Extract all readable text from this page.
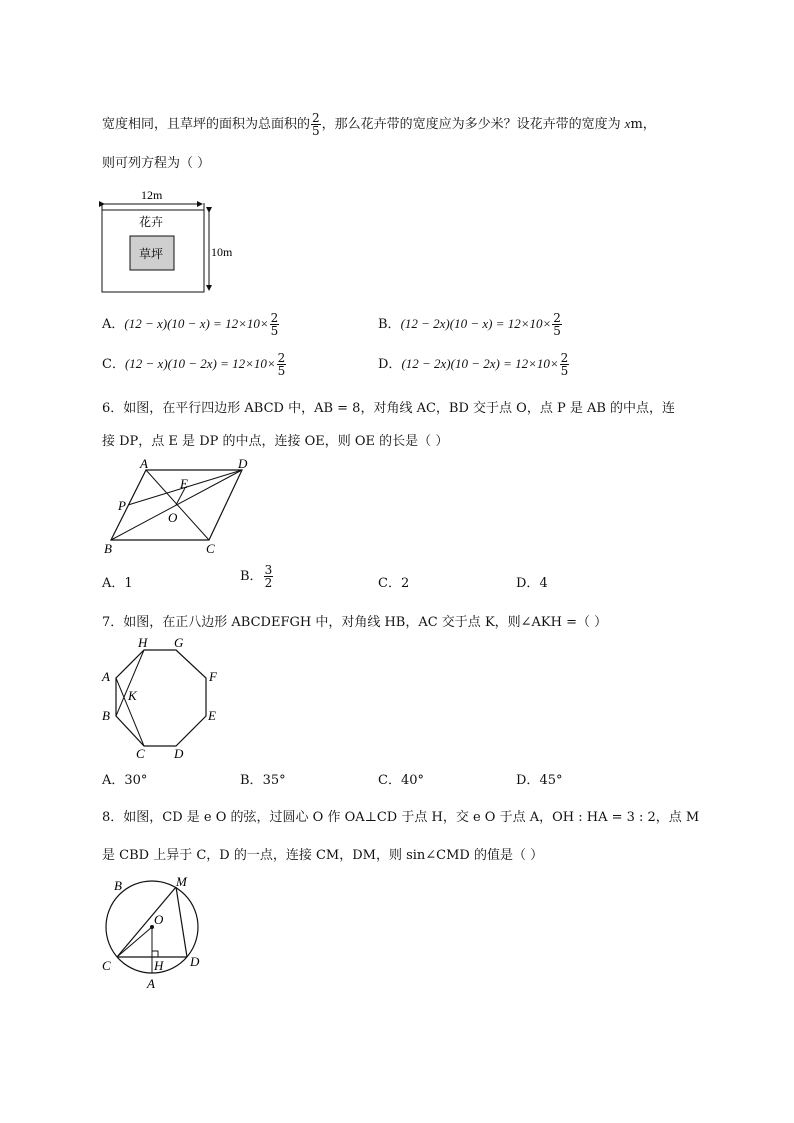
宽度相同，且草坪的面积为总面积的 $\frac{2}{5}$ ，那么花卉带的宽度应为多少米？设花卉带的宽度为 xm，
则可列方程为（ ）
12m
10m
花卉
草坪
A．$(12 - x)(10 - x) = 12\times 10\times \frac{2}{5}$	B．$(12 - 2x)(10 - x) = 12\times 10\times \frac{2}{5}$
C．$(12 - x)(10 - 2x) = 12\times 10\times \frac{2}{5}$	D．$(12 - 2x)(10 - 2x) = 12\times 10\times \frac{2}{5}$
6．如图，在平行四边形 ABCD 中，AB = 8，对角线 AC，BD 交于点 O，点 P 是 AB 的中点，连
接 DP，点 E 是 DP 的中点，连接 OE，则 OE 的长是（ ）
A	D
B	C
P
O
E
A．1	B． $\frac{3}{2}$	C．2	D．4
7．如图，在正八边形 ABCDEFGH 中，对角线 HB，AC 交于点 K，则∠AKH =（ ）
H G
F
E
D
C
B
A
K
A．30°	B．35°	C．40°	D．45°
8．如图，CD 是 e O 的弦，过圆心 O 作 OA⊥CD 于点 H，交 e O 于点 A，OH : HA = 3 : 2，点 M
是 CBD 上异于 C，D 的一点，连接 CM，DM，则 sin∠CMD 的值是（ ）
B	M
O
C	D
H
A
